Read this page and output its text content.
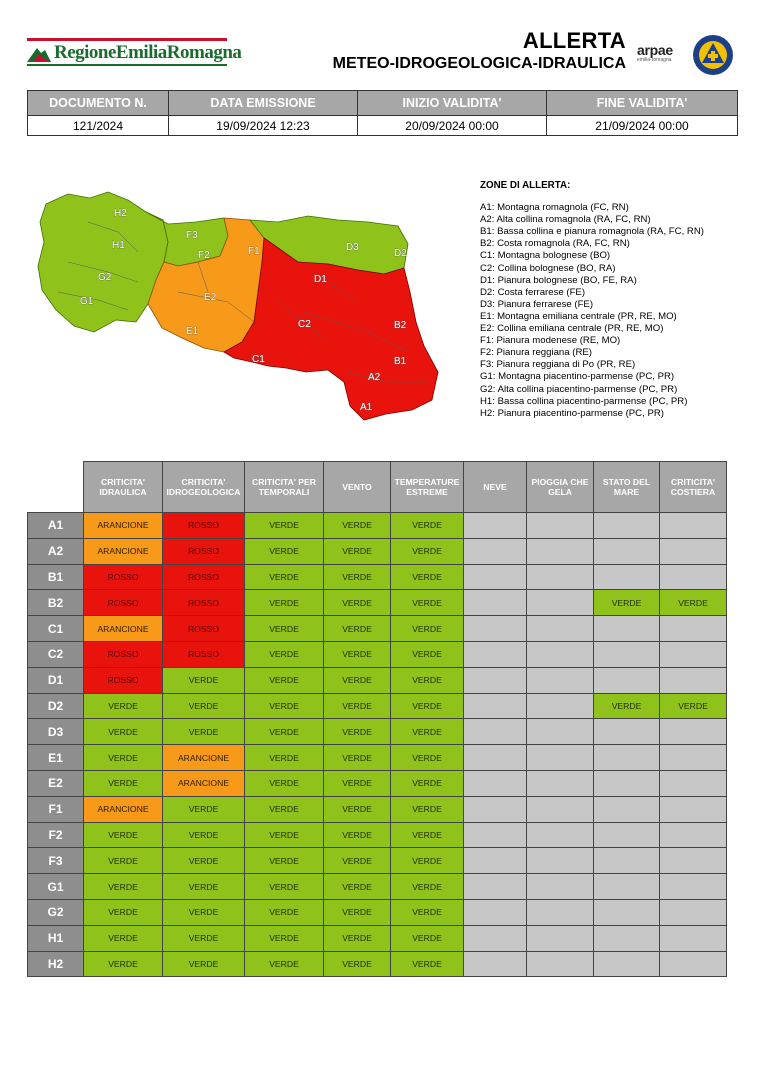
RegioneEmiliaRomagna	ALLERTA
METEO-IDROGEOLOGICA-IDRAULICA
arpae
emilia-romagna
DOCUMENTO N.	DATA EMISSIONE	INIZIO VALIDITA'	FINE VALIDITA'
121/2024	19/09/2024 12:23	20/09/2024 00:00	21/09/2024 00:00
H2
H1
G2
G1
F3
F2	F1
E2
E1
D3
D2
D1
C2
C1
B2
B1
A2
A1
ZONE DI ALLERTA:
A1: Montagna romagnola (FC, RN)
A2: Alta collina romagnola (RA, FC, RN)
B1: Bassa collina e pianura romagnola (RA, FC, RN)
B2: Costa romagnola (RA, FC, RN)
C1: Montagna bolognese (BO)
C2: Collina bolognese (BO, RA)
D1: Pianura bolognese (BO, FE, RA)
D2: Costa ferrarese (FE)
D3: Pianura ferrarese (FE)
E1: Montagna emiliana centrale (PR, RE, MO)
E2: Collina emiliana centrale (PR, RE, MO)
F1: Pianura modenese (RE, MO)
F2: Pianura reggiana (RE)
F3: Pianura reggiana di Po (PR, RE)
G1: Montagna piacentino-parmense (PC, PR)
G2: Alta collina piacentino-parmense (PC, PR)
H1: Bassa collina piacentino-parmense (PC, PR)
H2: Pianura piacentino-parmense (PC, PR)
	CRITICITA' IDRAULICA	CRITICITA' IDROGEOLOGICA	CRITICITA' PER TEMPORALI	VENTO	TEMPERATURE ESTREME	NEVE	PIOGGIA CHE GELA	STATO DEL MARE	CRITICITA' COSTIERA
A1	ARANCIONE	ROSSO	VERDE	VERDE	VERDE				
A2	ARANCIONE	ROSSO	VERDE	VERDE	VERDE				
B1	ROSSO	ROSSO	VERDE	VERDE	VERDE				
B2	ROSSO	ROSSO	VERDE	VERDE	VERDE			VERDE	VERDE
C1	ARANCIONE	ROSSO	VERDE	VERDE	VERDE				
C2	ROSSO	ROSSO	VERDE	VERDE	VERDE				
D1	ROSSO	VERDE	VERDE	VERDE	VERDE				
D2	VERDE	VERDE	VERDE	VERDE	VERDE			VERDE	VERDE
D3	VERDE	VERDE	VERDE	VERDE	VERDE				
E1	VERDE	ARANCIONE	VERDE	VERDE	VERDE				
E2	VERDE	ARANCIONE	VERDE	VERDE	VERDE				
F1	ARANCIONE	VERDE	VERDE	VERDE	VERDE				
F2	VERDE	VERDE	VERDE	VERDE	VERDE				
F3	VERDE	VERDE	VERDE	VERDE	VERDE				
G1	VERDE	VERDE	VERDE	VERDE	VERDE				
G2	VERDE	VERDE	VERDE	VERDE	VERDE				
H1	VERDE	VERDE	VERDE	VERDE	VERDE				
H2	VERDE	VERDE	VERDE	VERDE	VERDE				
